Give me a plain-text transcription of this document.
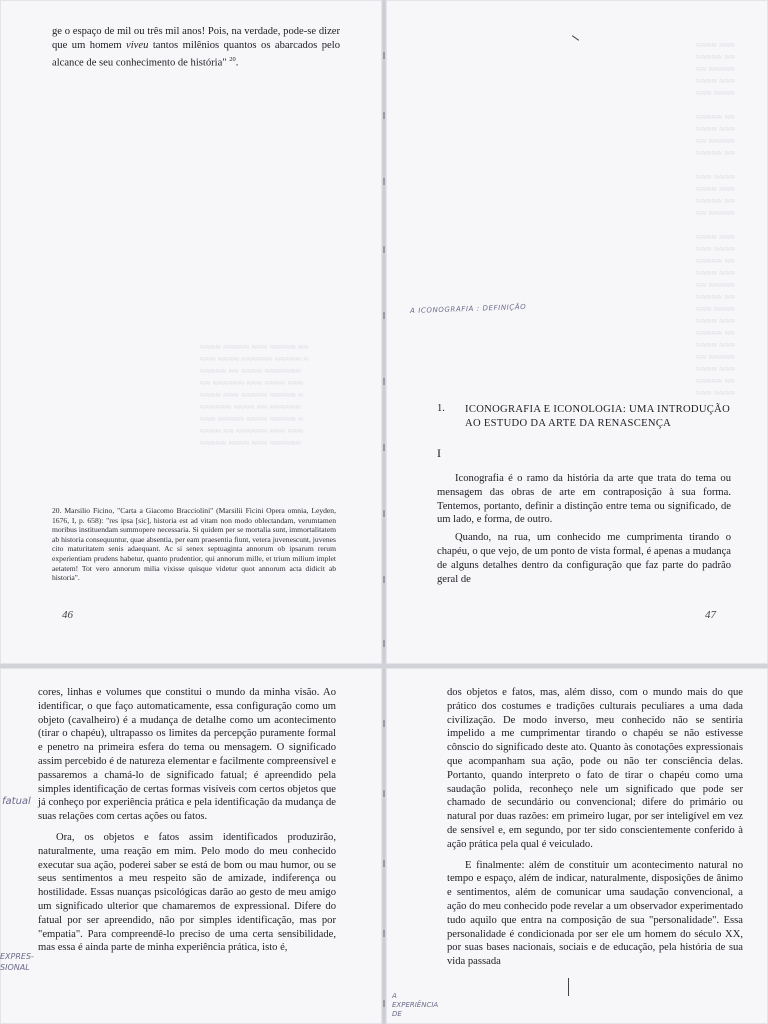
≈≈≈≈ ≈≈≈≈≈ ≈≈≈ ≈≈≈≈≈ ≈≈
≈≈≈ ≈≈≈≈ ≈≈≈≈≈≈ ≈≈≈≈≈ ≈
≈≈≈≈≈ ≈≈ ≈≈≈≈ ≈≈≈≈≈≈≈
≈≈ ≈≈≈≈≈≈ ≈≈≈ ≈≈≈≈ ≈≈≈
≈≈≈≈ ≈≈≈ ≈≈≈≈≈ ≈≈≈≈≈ ≈
≈≈≈≈≈≈ ≈≈≈≈ ≈≈ ≈≈≈≈≈≈
≈≈≈ ≈≈≈≈≈ ≈≈≈≈ ≈≈≈≈≈ ≈
≈≈≈≈ ≈≈ ≈≈≈≈≈≈ ≈≈≈ ≈≈≈
≈≈≈≈≈ ≈≈≈≈ ≈≈≈ ≈≈≈≈≈≈

ge o espaço de mil ou três mil anos! Pois, na verdade, pode-se dizer que um homem viveu tantos milênios quantos os abarcados pelo alcance de seu conhecimento de história" $^{20}$.

20. Marsilio Ficino, "Carta a Giacomo Bracciolini" (Marsilii Ficini Opera omnia, Leyden, 1676, I, p. 658): "res ipsa [sic], historia est ad vitam non modo oblectandam, verumtamen moribus instituendam summopere necessaria. Si quidem per se mortalia sunt, immortalitatem ab historia consequuntur, quae absentia, per eam praesentia fiunt, vetera juvenescunt, juvenes cito maturitatem senis adaequant. Ac si senex septuaginta annorum ob ipsarum rerum experientiam prudens habetur, quanto prudentior, qui annorum mille, et trium milium implet aetatem! Tot vero annorum milia vixisse quisque videtur quot annorum acta didicit ab historia".
46

≈≈≈≈ ≈≈≈
≈≈≈≈≈ ≈≈
≈≈ ≈≈≈≈≈
≈≈≈≈ ≈≈≈
≈≈≈ ≈≈≈≈

≈≈≈≈≈ ≈≈
≈≈≈≈ ≈≈≈
≈≈ ≈≈≈≈≈
≈≈≈≈≈ ≈≈

≈≈≈ ≈≈≈≈
≈≈≈≈ ≈≈≈
≈≈≈≈≈ ≈≈
≈≈ ≈≈≈≈≈

≈≈≈≈ ≈≈≈
≈≈≈ ≈≈≈≈
≈≈≈≈≈ ≈≈
≈≈≈≈ ≈≈≈
≈≈ ≈≈≈≈≈
≈≈≈≈≈ ≈≈
≈≈≈ ≈≈≈≈
≈≈≈≈ ≈≈≈
≈≈≈≈≈ ≈≈
≈≈≈≈ ≈≈≈
≈≈ ≈≈≈≈≈
≈≈≈≈ ≈≈≈
≈≈≈≈≈ ≈≈
≈≈≈ ≈≈≈≈

A ICONOGRAFIA : DEFINIÇÃO
1. ICONOGRAFIA E ICONOLOGIA: UMA INTRODUÇÃO AO ESTUDO DA ARTE DA RENASCENÇA
I

Iconografia é o ramo da história da arte que trata do tema ou mensagem das obras de arte em contraposição à sua forma. Tentemos, portanto, definir a distinção entre tema ou significado, de um lado, e forma, de outro.

Quando, na rua, um conhecido me cumprimenta tirando o chapéu, o que vejo, de um ponto de vista formal, é apenas a mudança de alguns detalhes dentro da configuração que faz parte do padrão geral de

47

cores, linhas e volumes que constitui o mundo da minha visão. Ao identificar, o que faço automaticamente, essa configuração como um objeto (cavalheiro) é a mudança de detalhe como um acontecimento (tirar o chapéu), ultrapasso os limites da percepção puramente formal e penetro na primeira esfera do tema ou mensagem. O significado assim percebido é de natureza elementar e facilmente compreensível e passaremos a chamá-lo de significado fatual; é apreendido pela simples identificação de certas formas visíveis com certos objetos que já conheço por experiência prática e pela identificação da mudança de suas relações com certas ações ou fatos.

Ora, os objetos e fatos assim identificados produzirão, naturalmente, uma reação em mim. Pelo modo do meu conhecido executar sua ação, poderei saber se está de bom ou mau humor, ou se seus sentimentos a meu respeito são de amizade, indiferença ou hostilidade. Essas nuanças psicológicas darão ao gesto de meu amigo um significado ulterior que chamaremos de expressional. Difere do fatual por ser apreendido, não por simples identificação, mas por "empatia". Para compreendê-lo preciso de uma certa sensibilidade, mas essa é ainda parte de minha experiência prática, isto é,

fatual
EXPRES-SIONAL

dos objetos e fatos, mas, além disso, com o mundo mais do que prático dos costumes e tradições culturais peculiares a uma dada civilização. De modo inverso, meu conhecido não se sentiria impelido a me cumprimentar tirando o chapéu se não estivesse cônscio do significado deste ato. Quanto às conotações expressionais que acompanham sua ação, pode ou não ter consciência delas. Portanto, quando interpreto o fato de tirar o chapéu como uma saudação polida, reconheço nele um significado que pode ser chamado de secundário ou convencional; difere do primário ou natural por duas razões: em primeiro lugar, por ser inteligível em vez de sensível e, em segundo, por ter sido conscientemente conferido à ação prática pela qual é veiculado.

E finalmente: além de constituir um acontecimento natural no tempo e espaço, além de indicar, naturalmente, disposições de ânimo e sentimentos, além de comunicar uma saudação convencional, a ação do meu conhecido pode revelar a um observador experimentado tudo aquilo que entra na composição de sua "personalidade". Essa personalidade é condicionada por ser ele um homem do século XX, por suas bases nacionais, sociais e de educação, pela história de sua vida passada

A EXPERIÊNCIA DE
